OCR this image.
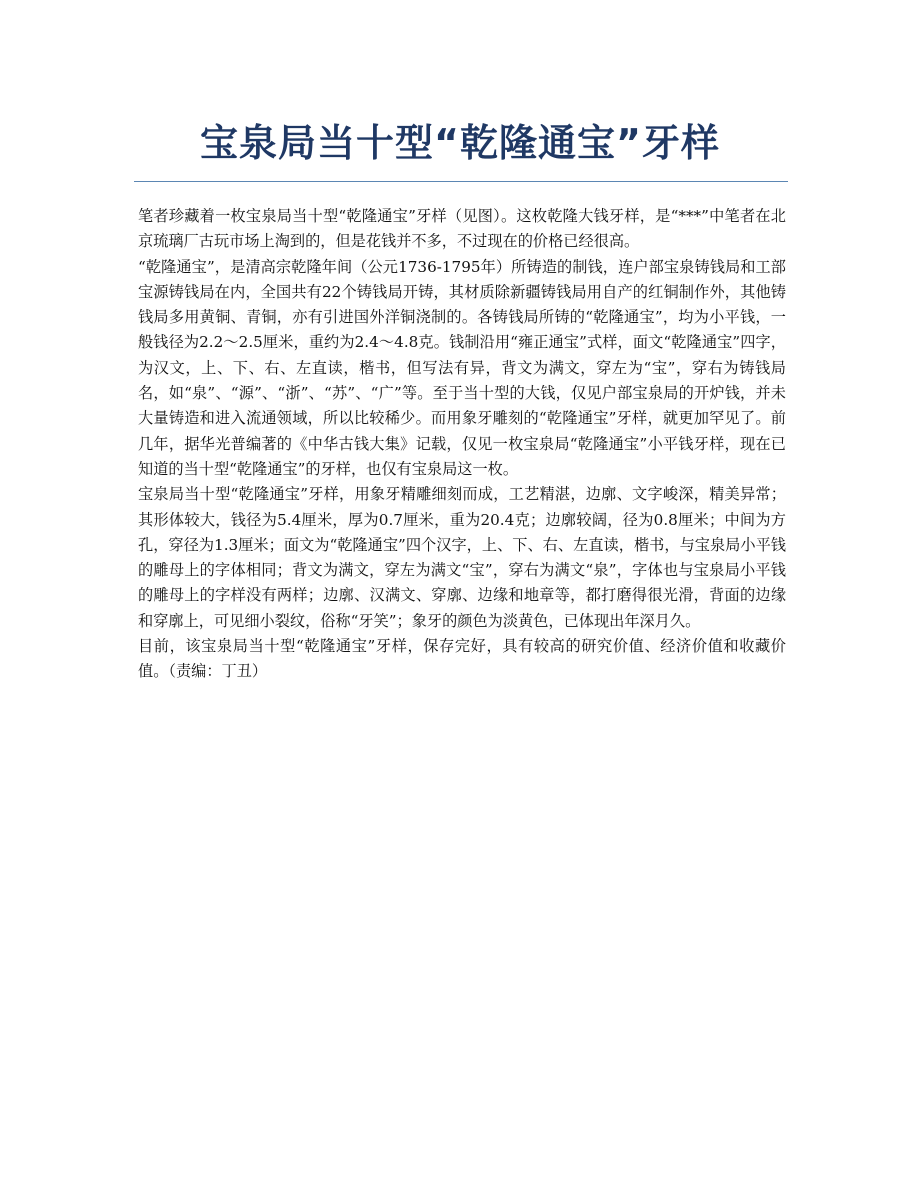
宝泉局当十型“乾隆通宝”牙样

笔者珍藏着一枚宝泉局当十型“乾隆通宝”牙样（见图）。这枚乾隆大钱牙样，是“***”中笔者在北京琉璃厂古玩市场上淘到的，但是花钱并不多，不过现在的价格已经很高。

“乾隆通宝”，是清高宗乾隆年间（公元1736-1795年）所铸造的制钱，连户部宝泉铸钱局和工部宝源铸钱局在内，全国共有22个铸钱局开铸，其材质除新疆铸钱局用自产的红铜制作外，其他铸钱局多用黄铜、青铜，亦有引进国外洋铜浇制的。各铸钱局所铸的“乾隆通宝”，均为小平钱，一般钱径为2.2～2.5厘米，重约为2.4～4.8克。钱制沿用“雍正通宝”式样，面文“乾隆通宝”四字，为汉文，上、下、右、左直读，楷书，但写法有异，背文为满文，穿左为“宝”，穿右为铸钱局名，如“泉”、“源”、“浙”、“苏”、“广”等。至于当十型的大钱，仅见户部宝泉局的开炉钱，并未大量铸造和进入流通领域，所以比较稀少。而用象牙雕刻的“乾隆通宝”牙样，就更加罕见了。前几年，据华光普编著的《中华古钱大集》记载，仅见一枚宝泉局“乾隆通宝”小平钱牙样，现在已知道的当十型“乾隆通宝”的牙样，也仅有宝泉局这一枚。

宝泉局当十型“乾隆通宝”牙样，用象牙精雕细刻而成，工艺精湛，边廓、文字峻深，精美异常；其形体较大，钱径为5.4厘米，厚为0.7厘米，重为20.4克；边廓较阔，径为0.8厘米；中间为方孔，穿径为1.3厘米；面文为“乾隆通宝”四个汉字，上、下、右、左直读，楷书，与宝泉局小平钱的雕母上的字体相同；背文为满文，穿左为满文“宝”，穿右为满文“泉”，字体也与宝泉局小平钱的雕母上的字样没有两样；边廓、汉满文、穿廓、边缘和地章等，都打磨得很光滑，背面的边缘和穿廓上，可见细小裂纹，俗称“牙笑”；象牙的颜色为淡黄色，已体现出年深月久。

目前，该宝泉局当十型“乾隆通宝”牙样，保存完好，具有较高的研究价值、经济价值和收藏价值。（责编：丁丑）
